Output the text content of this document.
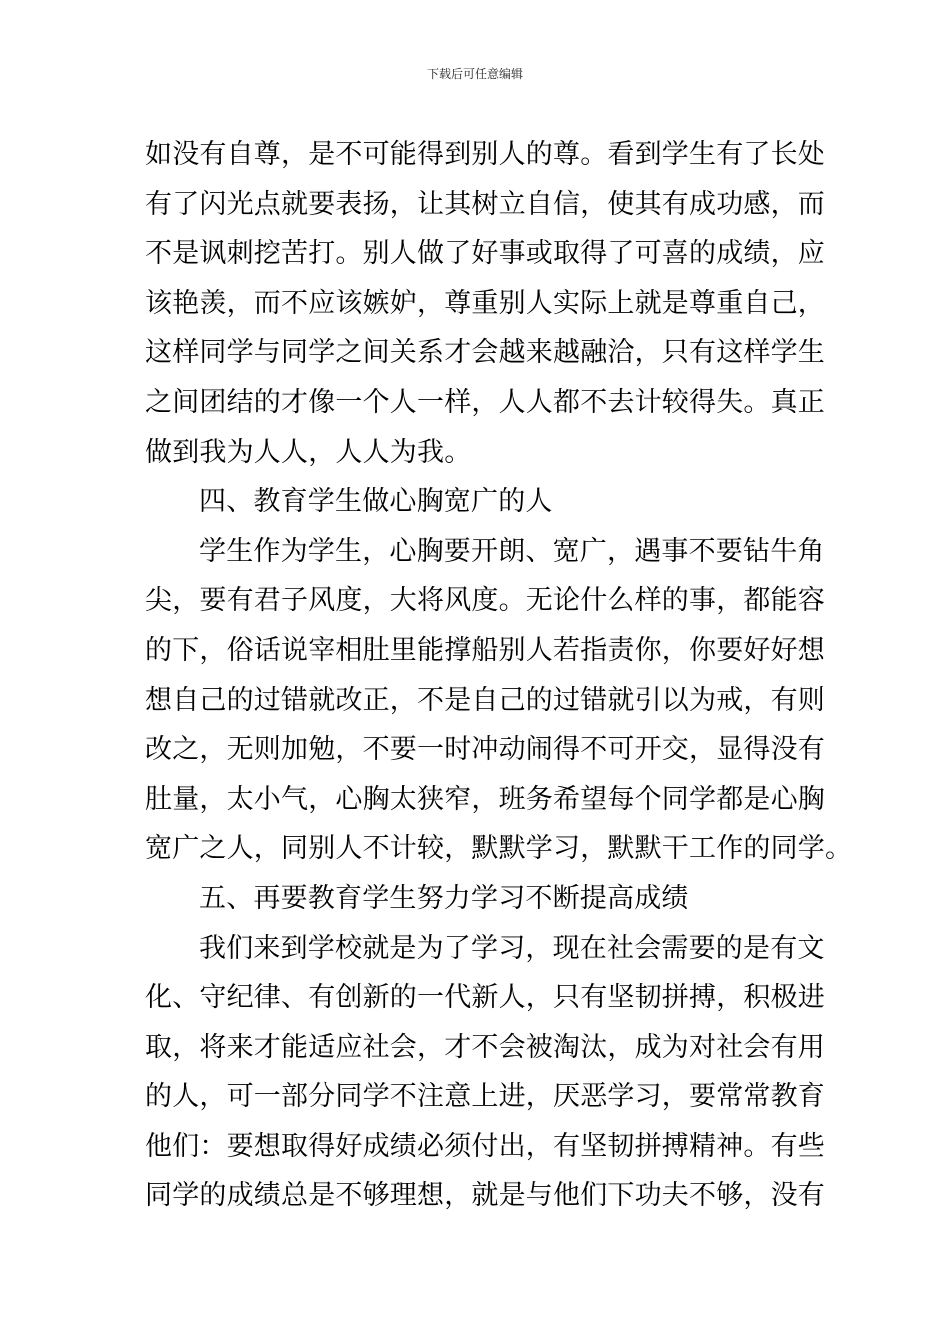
下载后可任意编辑
如没有自尊，是不可能得到别人的尊。看到学生有了长处
有了闪光点就要表扬，让其树立自信，使其有成功感，而
不是讽刺挖苦打。别人做了好事或取得了可喜的成绩，应
该艳羡，而不应该嫉妒，尊重别人实际上就是尊重自己，
这样同学与同学之间关系才会越来越融洽，只有这样学生
之间团结的才像一个人一样，人人都不去计较得失。真正
做到我为人人，人人为我。
四、教育学生做心胸宽广的人
学生作为学生，心胸要开朗、宽广，遇事不要钻牛角
尖，要有君子风度，大将风度。无论什么样的事，都能容
的下，俗话说宰相肚里能撑船别人若指责你，你要好好想
想自己的过错就改正，不是自己的过错就引以为戒，有则
改之，无则加勉，不要一时冲动闹得不可开交，显得没有
肚量，太小气，心胸太狭窄，班务希望每个同学都是心胸
宽广之人，同别人不计较，默默学习，默默干工作的同学。
五、再要教育学生努力学习不断提高成绩
我们来到学校就是为了学习，现在社会需要的是有文
化、守纪律、有创新的一代新人，只有坚韧拼搏，积极进
取，将来才能适应社会，才不会被淘汰，成为对社会有用
的人，可一部分同学不注意上进，厌恶学习，要常常教育
他们：要想取得好成绩必须付出，有坚韧拼搏精神。有些
同学的成绩总是不够理想，就是与他们下功夫不够，没有
